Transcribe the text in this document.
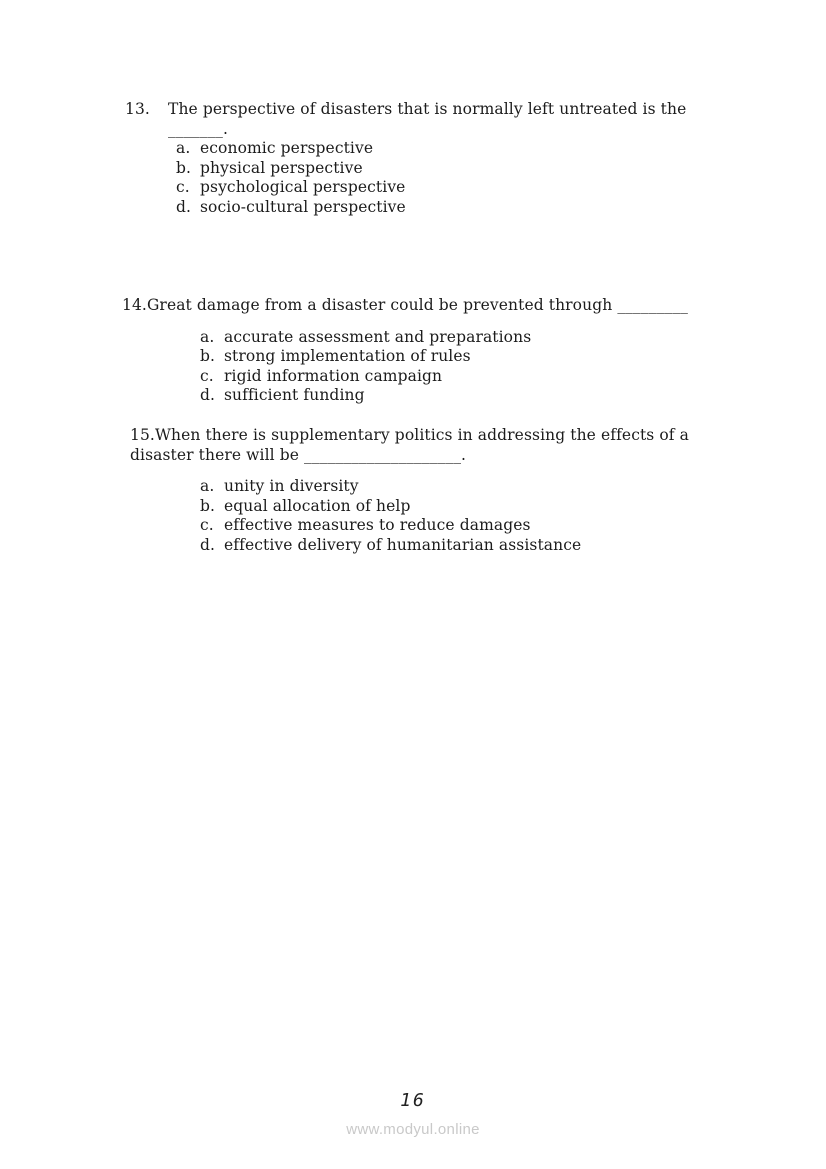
13.	The perspective of disasters that is normally left untreated is the
_______.
a. economic perspective
b. physical perspective
c. psychological perspective
d. socio-cultural perspective
14.Great damage from a disaster could be prevented through _________
a. accurate assessment and preparations
b. strong implementation of rules
c. rigid information campaign
d. sufficient funding
15.When there is supplementary politics in addressing the effects of a
disaster there will be ____________________.
a. unity in diversity
b. equal allocation of help
c. effective measures to reduce damages
d. effective delivery of humanitarian assistance
16
www.modyul.online
